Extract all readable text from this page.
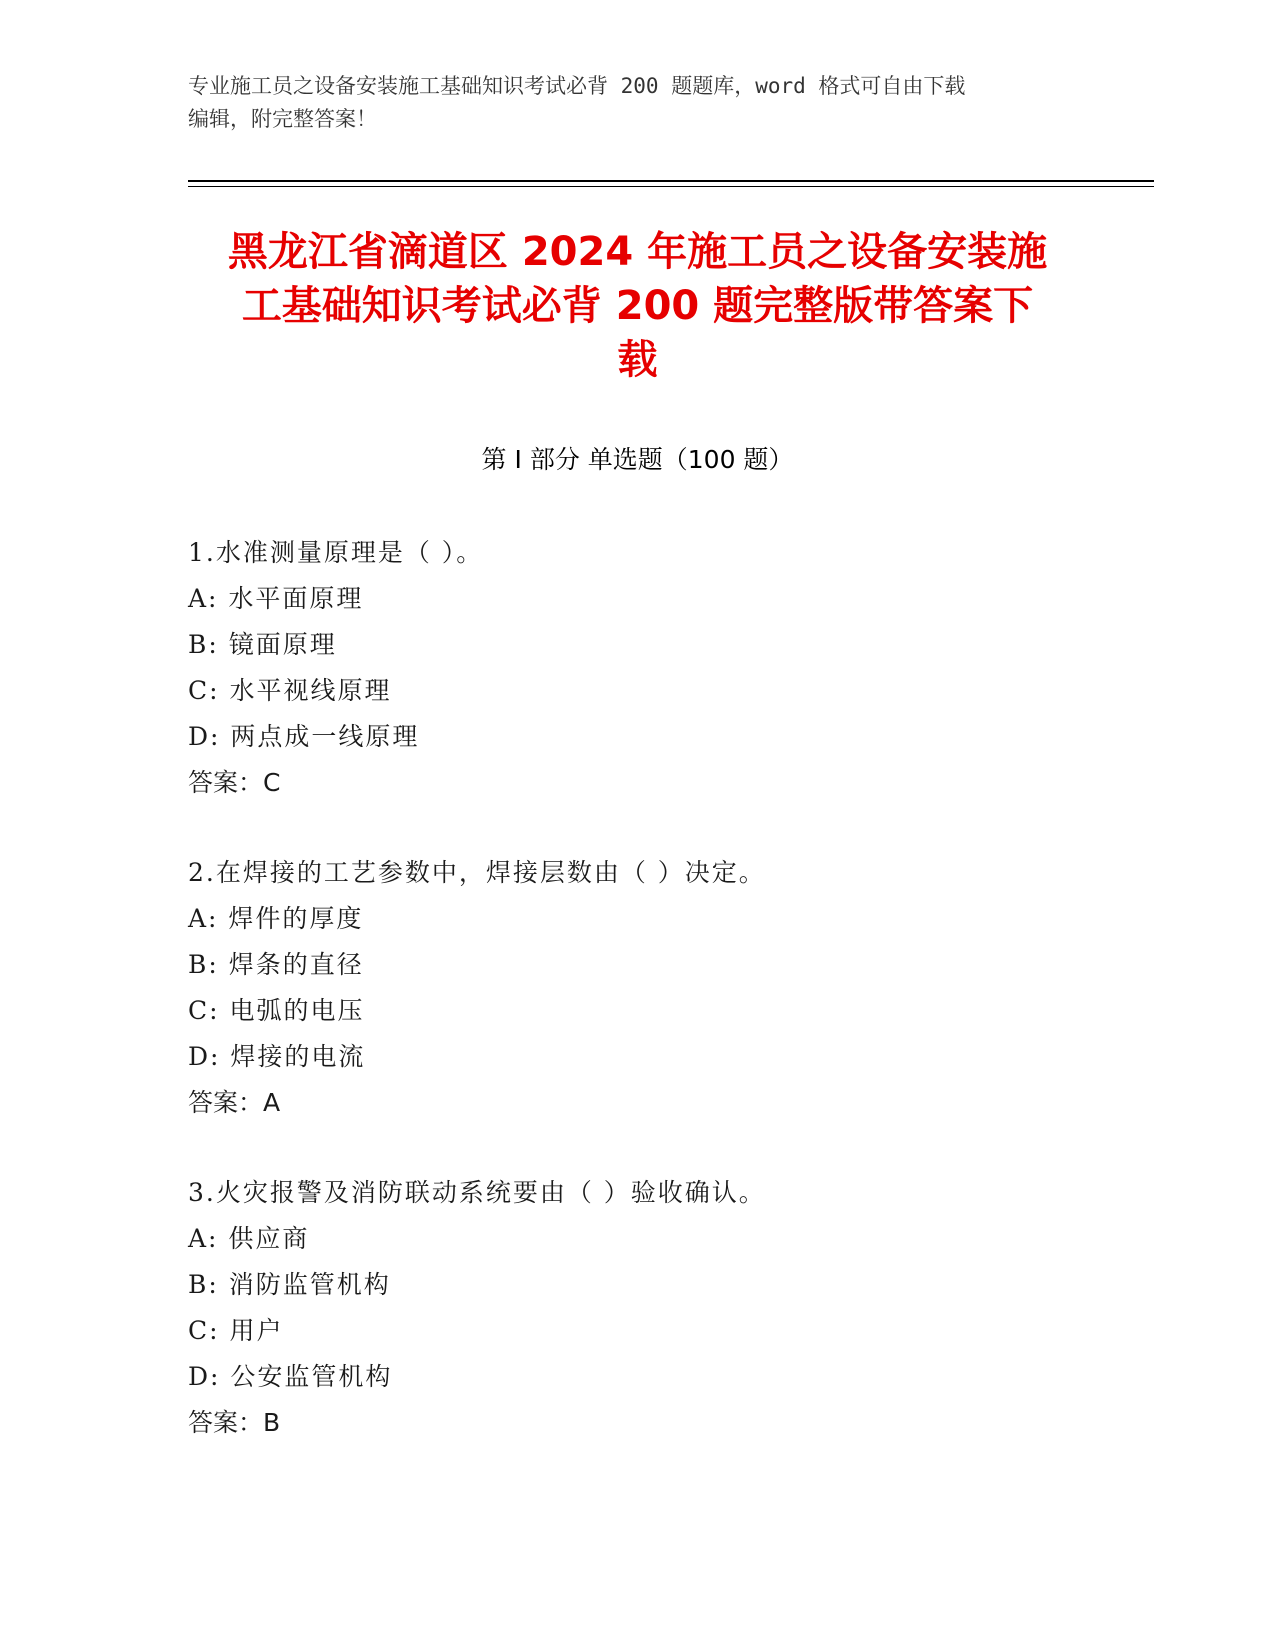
专业施工员之设备安装施工基础知识考试必背 200 题题库，word 格式可自由下载
编辑，附完整答案！
黑龙江省滴道区 2024 年施工员之设备安装施
工基础知识考试必背 200 题完整版带答案下
载
第 I 部分 单选题（100 题）
1.水准测量原理是（ ）。
A: 水平面原理
B: 镜面原理
C: 水平视线原理
D: 两点成一线原理
答案：C
2.在焊接的工艺参数中，焊接层数由（ ）决定。
A: 焊件的厚度
B: 焊条的直径
C: 电弧的电压
D: 焊接的电流
答案：A
3.火灾报警及消防联动系统要由（ ）验收确认。
A: 供应商
B: 消防监管机构
C: 用户
D: 公安监管机构
答案：B
